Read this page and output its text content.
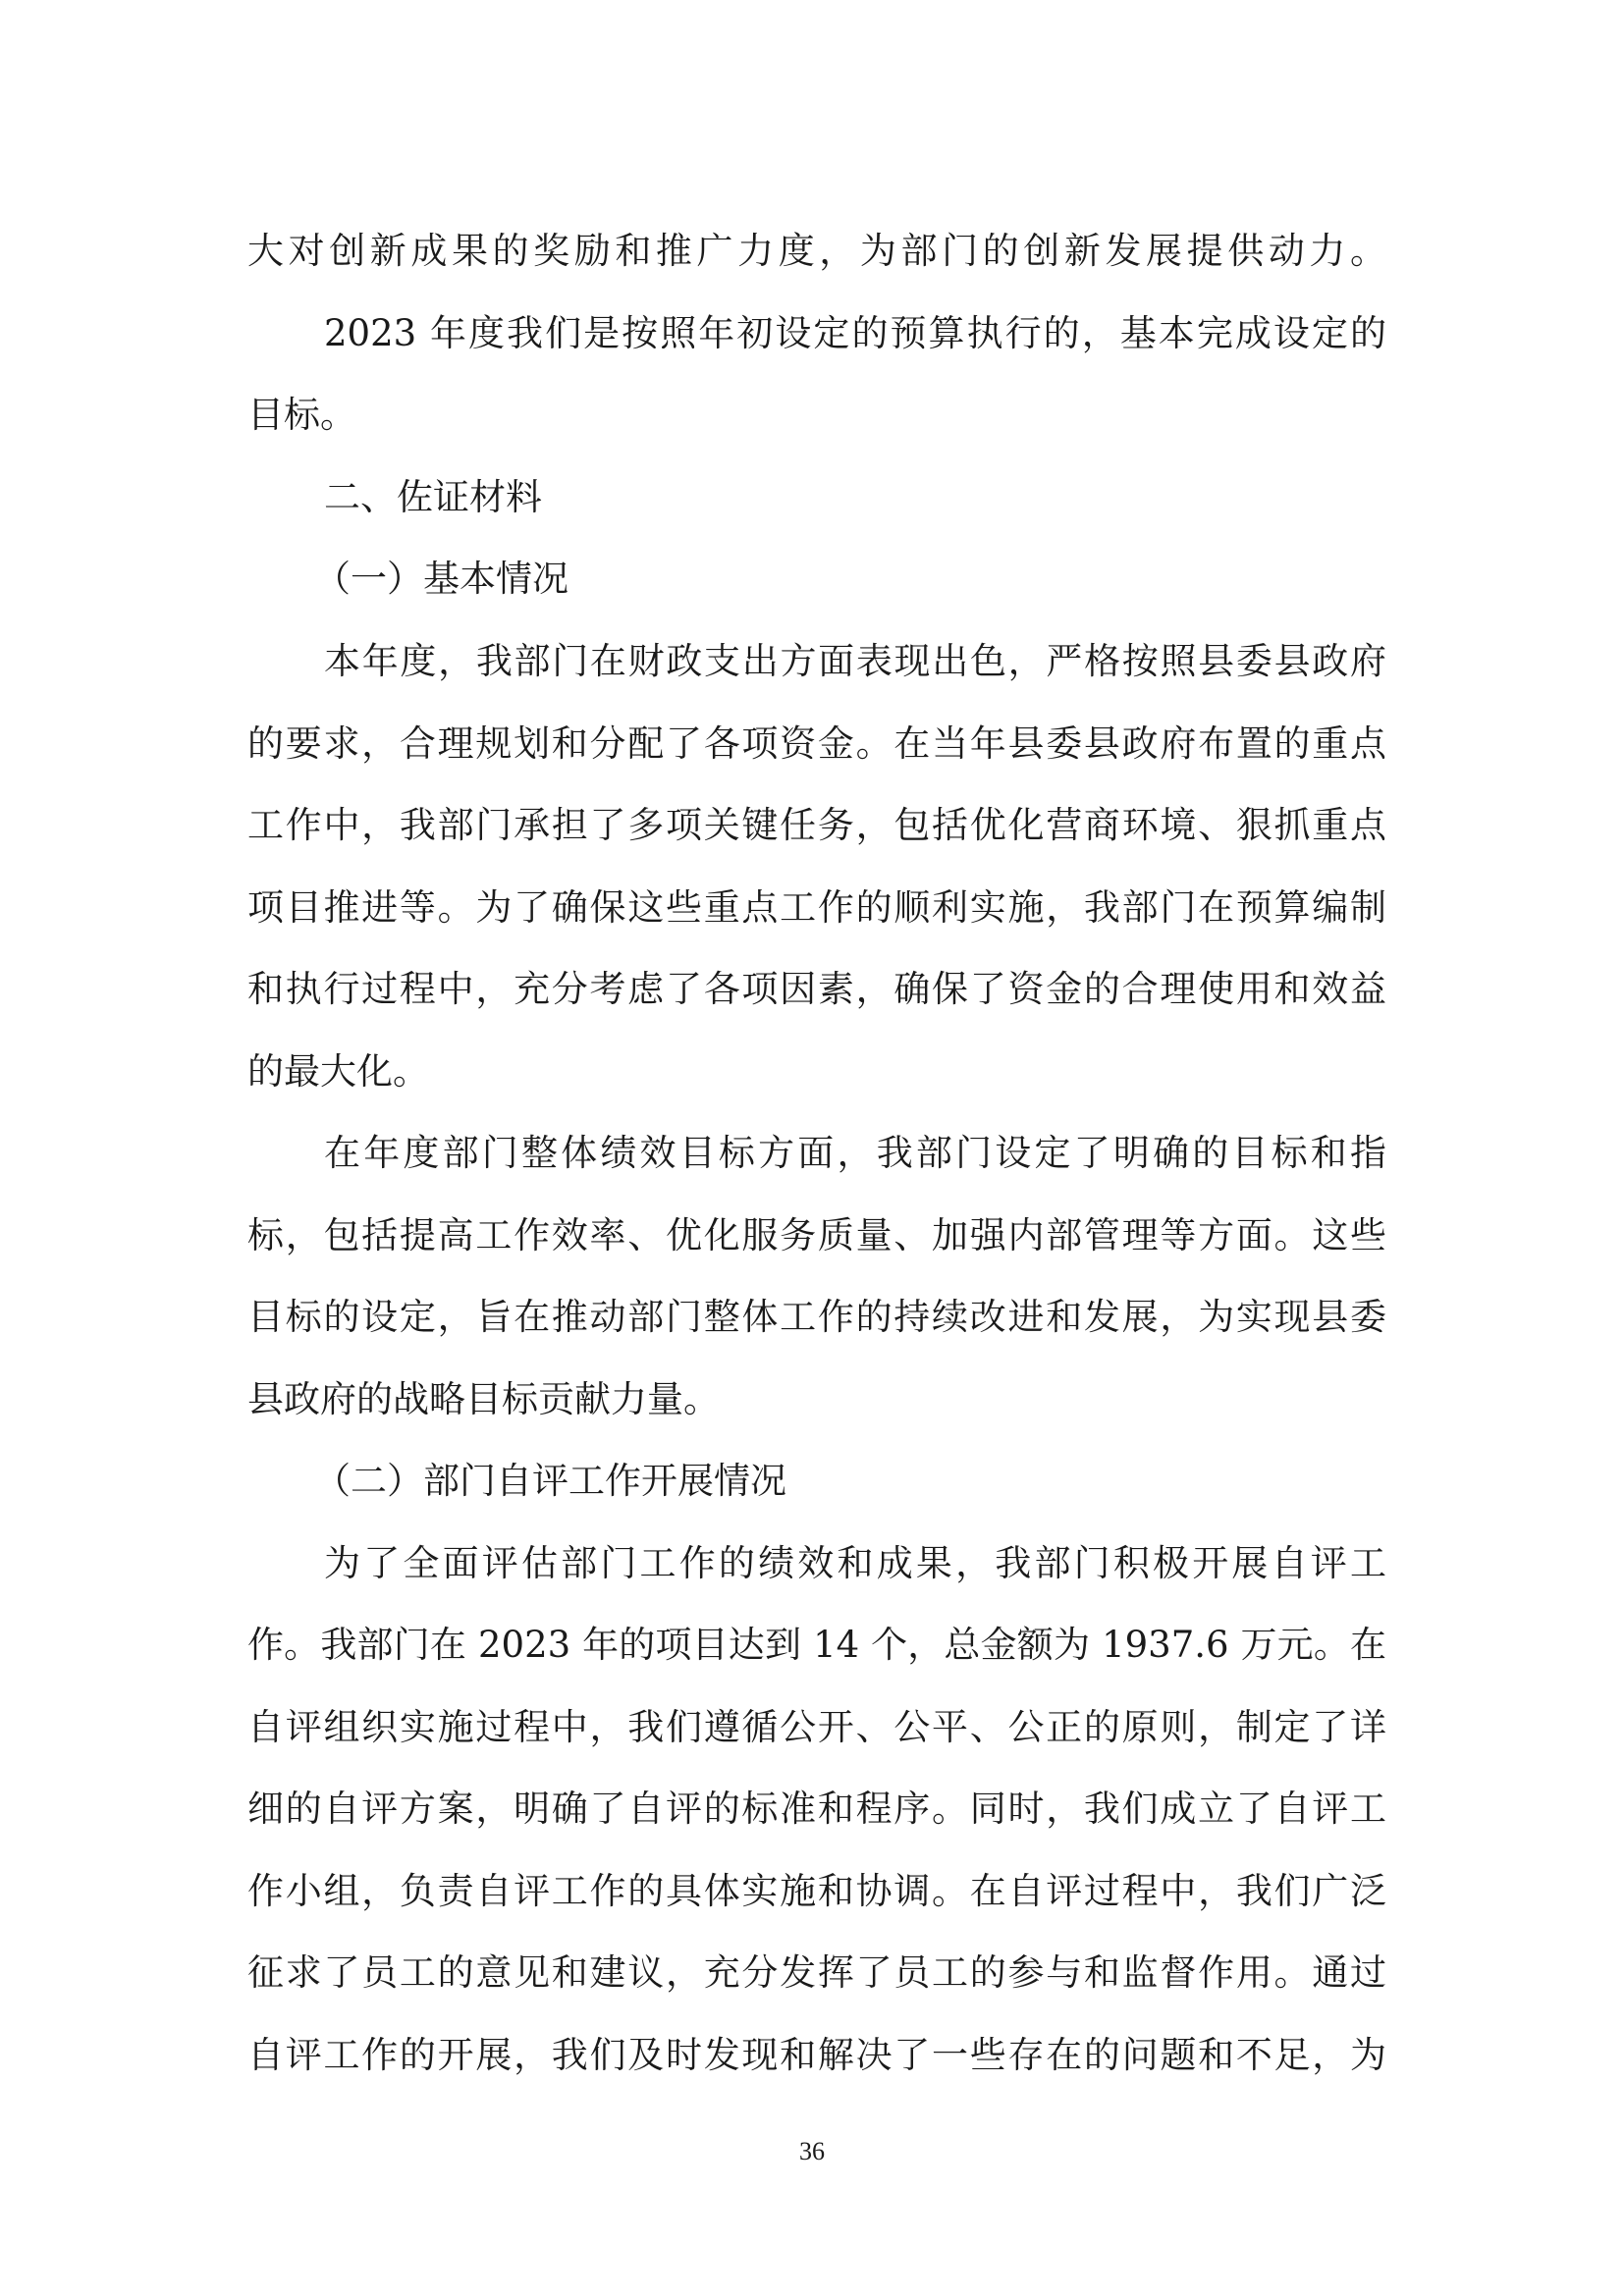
大对创新成果的奖励和推广力度，为部门的创新发展提供动力。
2023 年度我们是按照年初设定的预算执行的，基本完成设定的
目标。
二、佐证材料
（一）基本情况
本年度，我部门在财政支出方面表现出色，严格按照县委县政府
的要求，合理规划和分配了各项资金。在当年县委县政府布置的重点
工作中，我部门承担了多项关键任务，包括优化营商环境、狠抓重点
项目推进等。为了确保这些重点工作的顺利实施，我部门在预算编制
和执行过程中，充分考虑了各项因素，确保了资金的合理使用和效益
的最大化。
在年度部门整体绩效目标方面，我部门设定了明确的目标和指
标，包括提高工作效率、优化服务质量、加强内部管理等方面。这些
目标的设定，旨在推动部门整体工作的持续改进和发展，为实现县委
县政府的战略目标贡献力量。
（二）部门自评工作开展情况
为了全面评估部门工作的绩效和成果，我部门积极开展自评工
作。我部门在 2023 年的项目达到 14 个，总金额为 1937.6 万元。在
自评组织实施过程中，我们遵循公开、公平、公正的原则，制定了详
细的自评方案，明确了自评的标准和程序。同时，我们成立了自评工
作小组，负责自评工作的具体实施和协调。在自评过程中，我们广泛
征求了员工的意见和建议，充分发挥了员工的参与和监督作用。通过
自评工作的开展，我们及时发现和解决了一些存在的问题和不足，为
36
